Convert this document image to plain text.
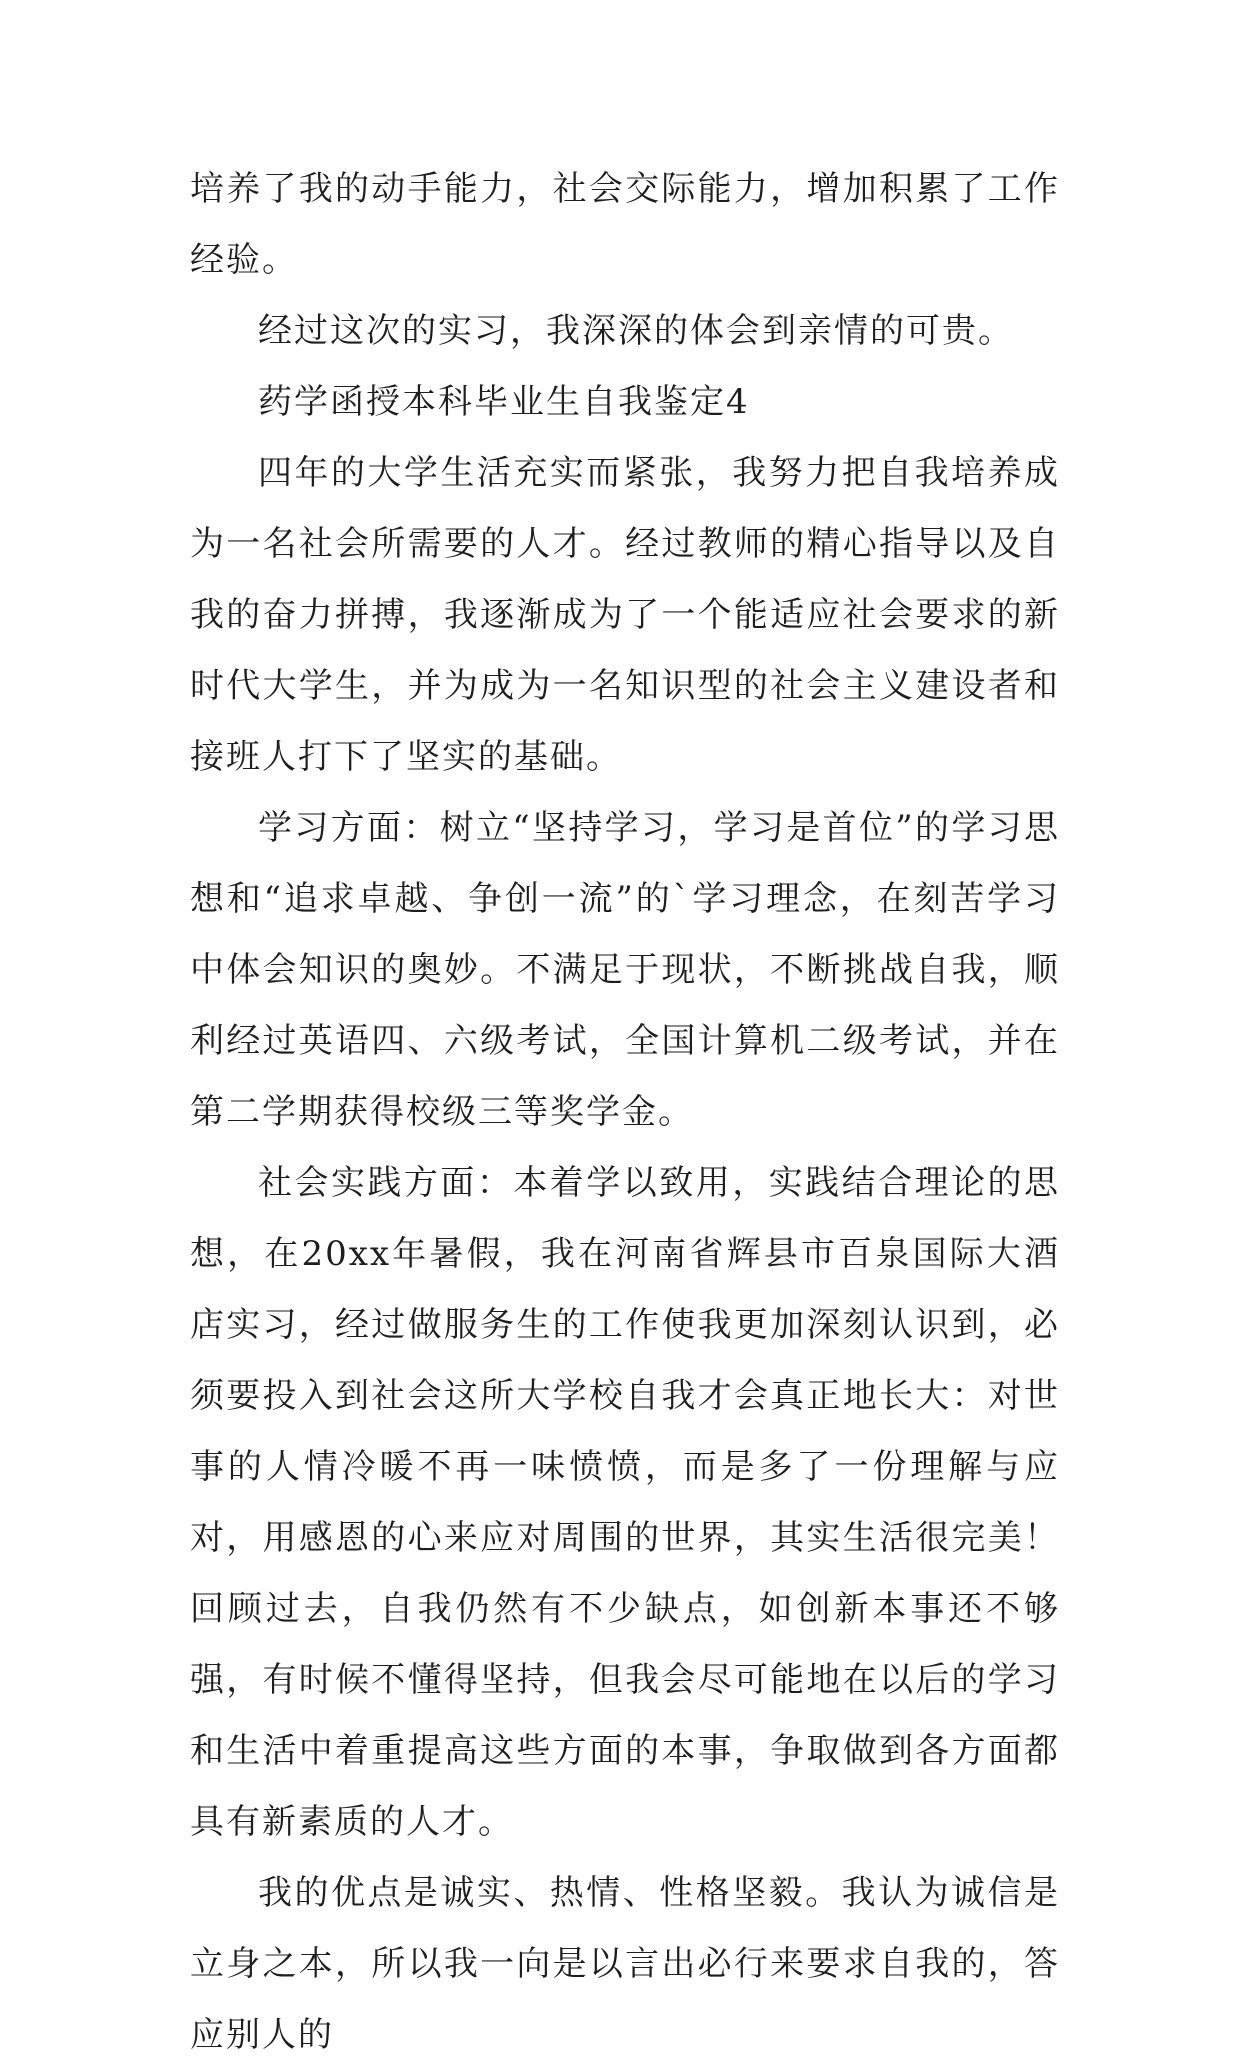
培养了我的动手能力，社会交际能力，增加积累了工作经验。

经过这次的实习，我深深的体会到亲情的可贵。

药学函授本科毕业生自我鉴定4

四年的大学生活充实而紧张，我努力把自我培养成为一名社会所需要的人才。经过教师的精心指导以及自我的奋力拼搏，我逐渐成为了一个能适应社会要求的新时代大学生，并为成为一名知识型的社会主义建设者和接班人打下了坚实的基础。

学习方面：树立“坚持学习，学习是首位”的学习思想和“追求卓越、争创一流”的`学习理念，在刻苦学习中体会知识的奥妙。不满足于现状，不断挑战自我，顺利经过英语四、六级考试，全国计算机二级考试，并在第二学期获得校级三等奖学金。

社会实践方面：本着学以致用，实践结合理论的思想，在20xx年暑假，我在河南省辉县市百泉国际大酒店实习，经过做服务生的工作使我更加深刻认识到，必须要投入到社会这所大学校自我才会真正地长大：对世事的人情冷暖不再一味愤愤，而是多了一份理解与应对，用感恩的心来应对周围的世界，其实生活很完美！回顾过去，自我仍然有不少缺点，如创新本事还不够强，有时候不懂得坚持，但我会尽可能地在以后的学习和生活中着重提高这些方面的本事，争取做到各方面都具有新素质的人才。

我的优点是诚实、热情、性格坚毅。我认为诚信是立身之本，所以我一向是以言出必行来要求自我的，答应别人的
